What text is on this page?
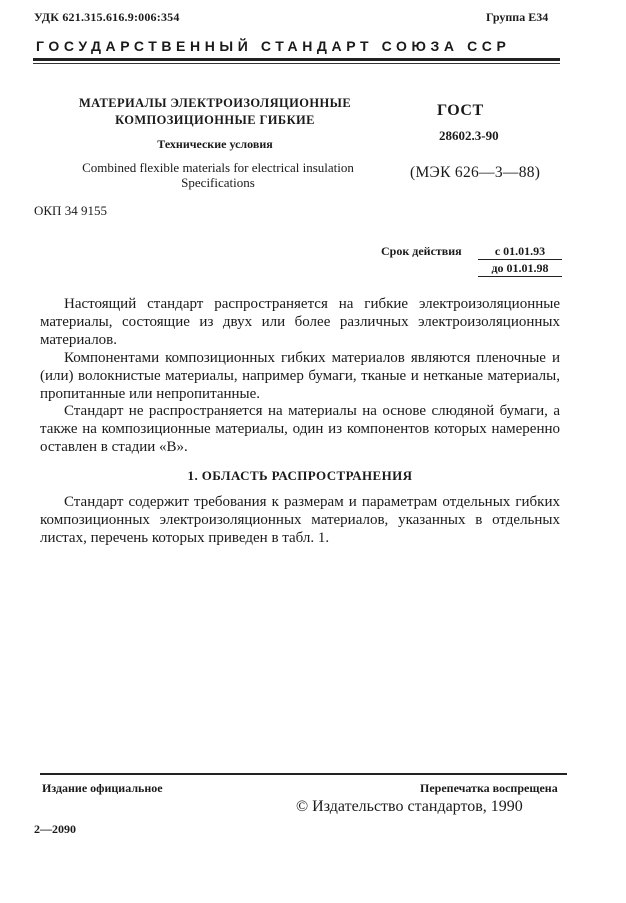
УДК 621.315.616.9:006:354	Группа Е34
ГОСУДАРСТВЕННЫЙ СТАНДАРТ СОЮЗА ССР
МАТЕРИАЛЫ ЭЛЕКТРОИЗОЛЯЦИОННЫЕ
КОМПОЗИЦИОННЫЕ ГИБКИЕ
Технические условия
Combined flexible materials for electrical insulation
Specifications
ГОСТ
28602.3-90
(МЭК 626—3—88)
ОКП 34 9155
Срок действия	с 01.01.93
до 01.01.98

Настоящий стандарт распространяется на гибкие электроизоляционные материалы, состоящие из двух или более различных электроизоляционных материалов.

Компонентами композиционных гибких материалов являются пленочные и (или) волокнистые материалы, например бумаги, тканые и нетканые материалы, пропитанные или непропитанные.

Стандарт не распространяется на материалы на основе слюдяной бумаги, а также на композиционные материалы, один из компонентов которых намеренно оставлен в стадии «В».

1. ОБЛАСТЬ РАСПРОСТРАНЕНИЯ

Стандарт содержит требования к размерам и параметрам отдельных гибких композиционных электроизоляционных материалов, указанных в отдельных листах, перечень которых приведен в табл. 1.

Издание официальное	Перепечатка воспрещена
© Издательство стандартов, 1990
2—2090
